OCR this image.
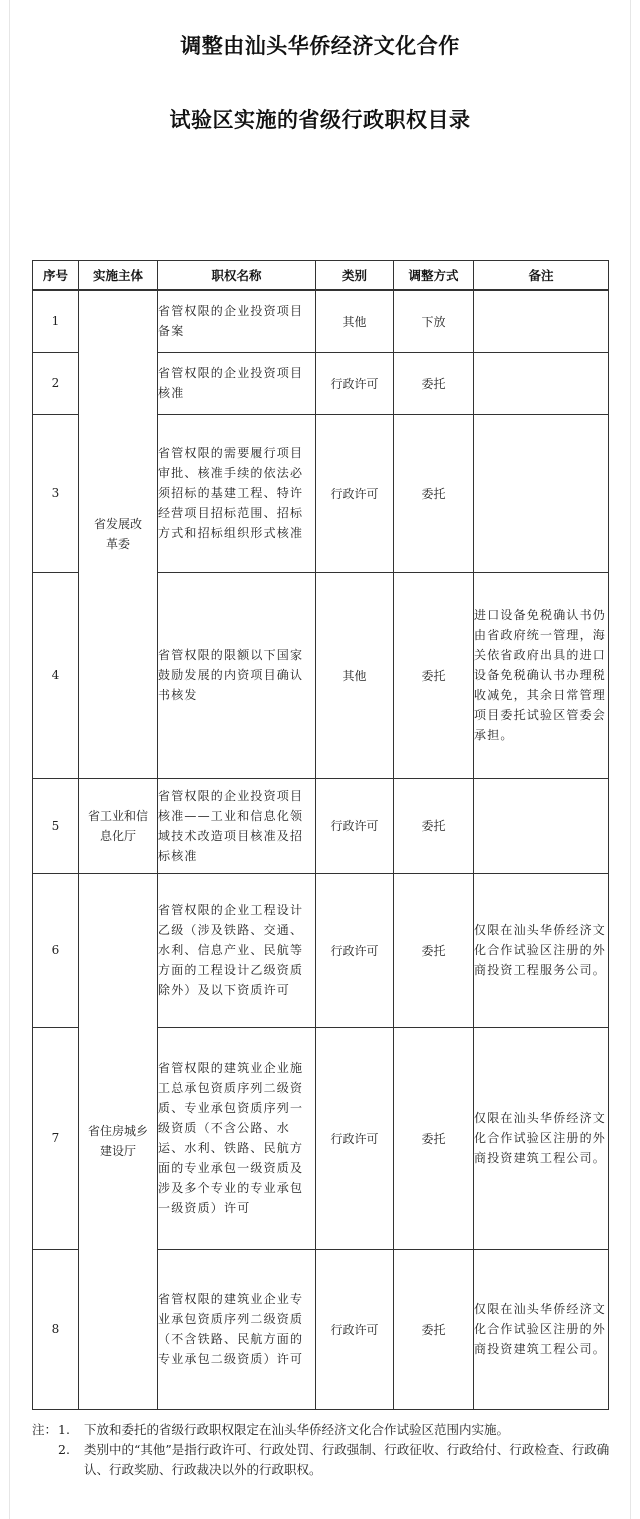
调整由汕头华侨经济文化合作
试验区实施的省级行政职权目录
序号	实施主体	职权名称	类别	调整方式	备注
1	省发展改革委	省管权限的企业投资项目备案	其他	下放	
2		省管权限的企业投资项目核准	行政许可	委托	
3		省管权限的需要履行项目审批、核准手续的依法必须招标的基建工程、特许经营项目招标范围、招标方式和招标组织形式核准	行政许可	委托	
4		省管权限的限额以下国家鼓励发展的内资项目确认书核发	其他	委托	进口设备免税确认书仍由省政府统一管理，海关依省政府出具的进口设备免税确认书办理税收减免，其余日常管理项目委托试验区管委会承担。
5	省工业和信息化厅	省管权限的企业投资项目核准——工业和信息化领域技术改造项目核准及招标核准	行政许可	委托	
6	省住房城乡建设厅	省管权限的企业工程设计乙级（涉及铁路、交通、水利、信息产业、民航等方面的工程设计乙级资质除外）及以下资质许可	行政许可	委托	仅限在汕头华侨经济文化合作试验区注册的外商投资工程服务公司。
7		省管权限的建筑业企业施工总承包资质序列二级资质、专业承包资质序列一级资质（不含公路、水运、水利、铁路、民航方面的专业承包一级资质及涉及多个专业的专业承包一级资质）许可	行政许可	委托	仅限在汕头华侨经济文化合作试验区注册的外商投资建筑工程公司。
8		省管权限的建筑业企业专业承包资质序列二级资质（不含铁路、民航方面的专业承包二级资质）许可	行政许可	委托	仅限在汕头华侨经济文化合作试验区注册的外商投资建筑工程公司。
注： 1. 下放和委托的省级行政职权限定在汕头华侨经济文化合作试验区范围内实施。
2. 类别中的“其他”是指行政许可、行政处罚、行政强制、行政征收、行政给付、行政检查、行政确认、行政奖励、行政裁决以外的行政职权。
